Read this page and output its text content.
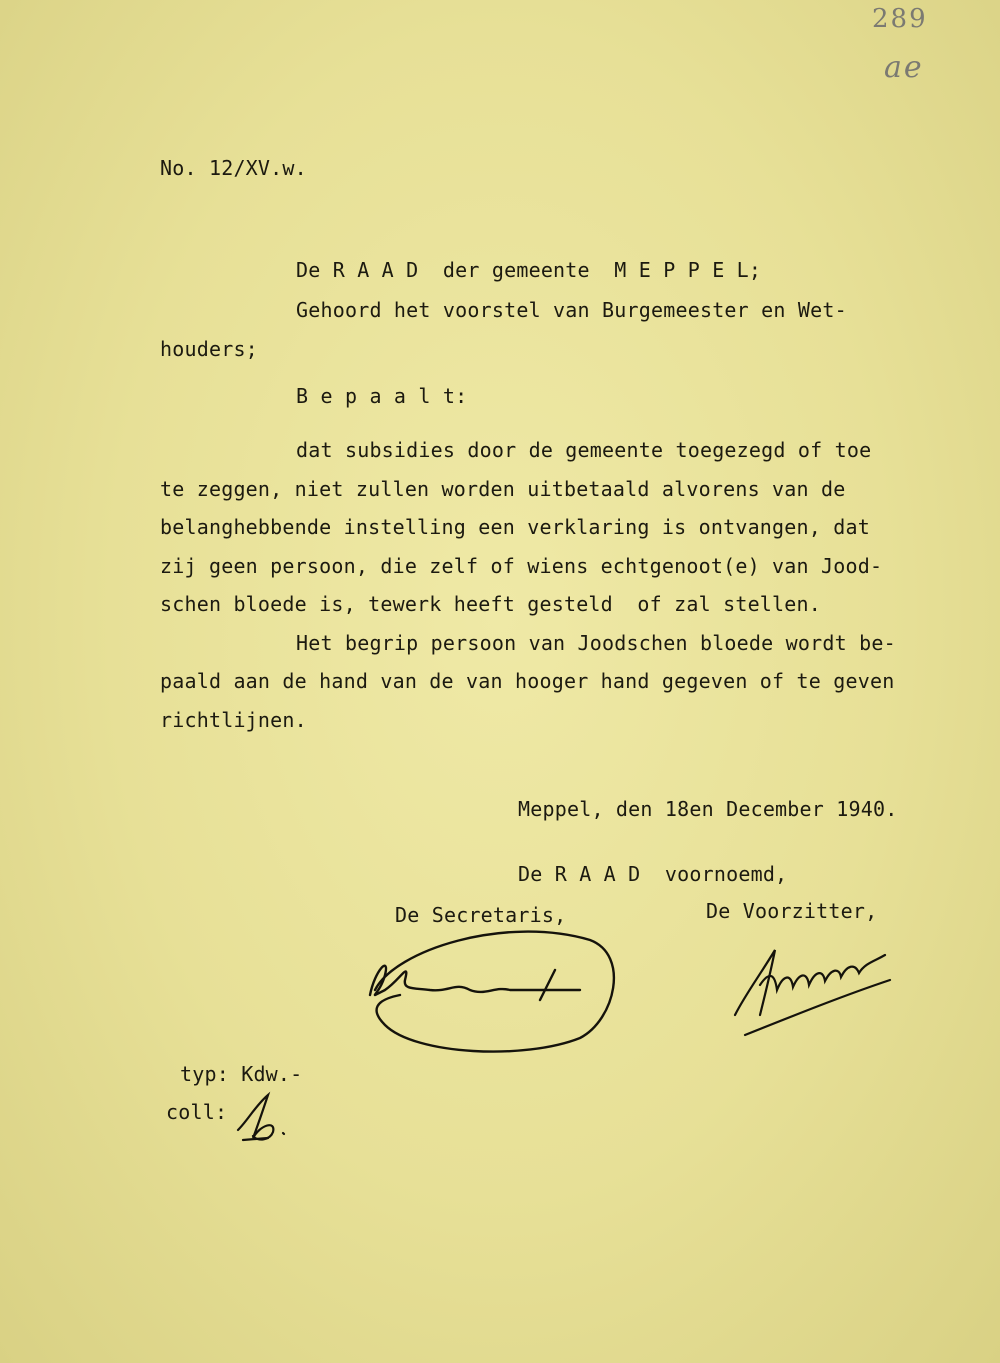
289
ae
No. 12/XV.w.
De R A A D  der gemeente  M E P P E L;
Gehoord het voorstel van Burgemeester en Wet-
houders;
B e p a a l t:
dat subsidies door de gemeente toegezegd of toe
te zeggen, niet zullen worden uitbetaald alvorens van de
belanghebbende instelling een verklaring is ontvangen, dat
zij geen persoon, die zelf of wiens echtgenoot(e) van Jood-
schen bloede is, tewerk heeft gesteld  of zal stellen.
Het begrip persoon van Joodschen bloede wordt be-
paald aan de hand van de van hooger hand gegeven of te geven
richtlijnen.
Meppel, den 18en December 1940.
De R A A D  voornoemd,
De Secretaris,	De Voorzitter,
typ: Kdw.-
coll:
